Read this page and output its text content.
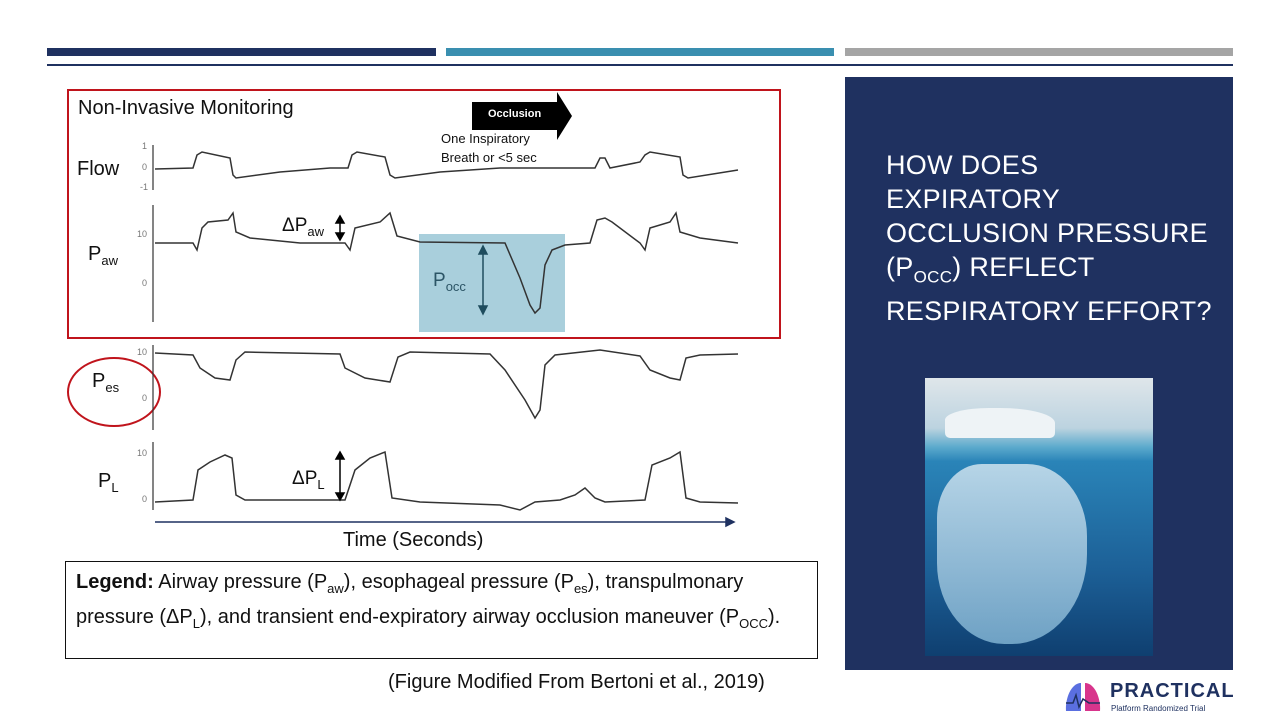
Non-Invasive Monitoring	Occlusion
One Inspiratory
Breath or <5 sec
Flow
$P_{aw}$
$P_{es}$
$P_L$
1
0
-1
10
0
10
0
10
0
$\Delta P_{aw}$
$P_{occ}$
$\Delta P_L$
Time (Seconds)
Legend: Airway pressure $(P_{aw})$, esophageal pressure $(P_{es})$, transpulmonary pressure $(\Delta P_L)$, and transient end-expiratory airway occlusion maneuver $(P_{OCC})$.
(Figure Modified From Bertoni et al., 2019)
HOW DOES EXPIRATORY OCCLUSION PRESSURE $(P_{OCC})$ REFLECT RESPIRATORY EFFORT?
PRACTICAL
Platform Randomized Trial
